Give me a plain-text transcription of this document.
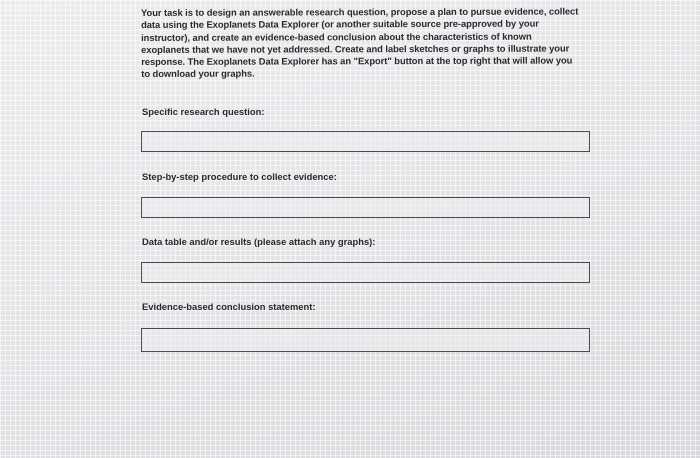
Your task is to design an answerable research question, propose a plan to pursue evidence, collect data using the Exoplanets Data Explorer (or another suitable source pre-approved by your instructor), and create an evidence-based conclusion about the characteristics of known exoplanets that we have not yet addressed. Create and label sketches or graphs to illustrate your response. The Exoplanets Data Explorer has an "Export" button at the top right that will allow you to download your graphs.
Specific research question:
Step-by-step procedure to collect evidence:
Data table and/or results (please attach any graphs):
Evidence-based conclusion statement:
